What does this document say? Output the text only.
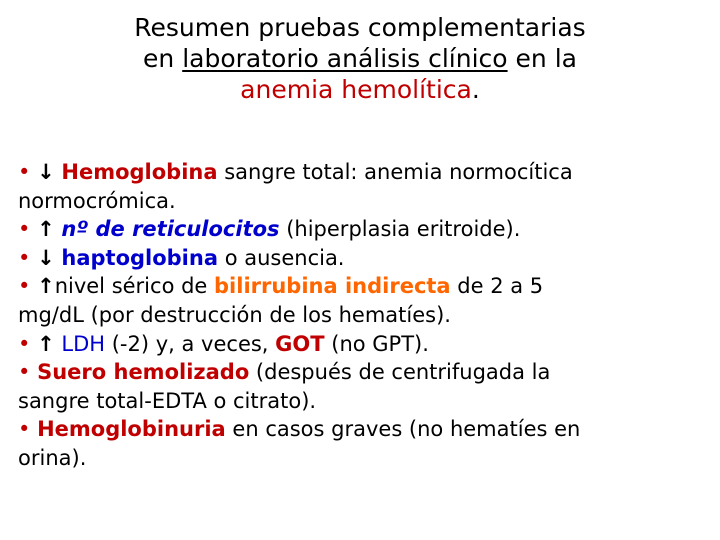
Resumen pruebas complementarias
en laboratorio análisis clínico en la
anemia hemolítica.
• ↓ Hemoglobina sangre total: anemia normocítica
normocrómica.
• ↑ nº de reticulocitos (hiperplasia eritroide).
• ↓ haptoglobina o ausencia.
• ↑nivel sérico de bilirrubina indirecta de 2 a 5
mg/dL (por destrucción de los hematíes).
• ↑ LDH (-2) y, a veces, GOT (no GPT).
• Suero hemolizado (después de centrifugada la
sangre total-EDTA o citrato).
• Hemoglobinuria en casos graves (no hematíes en
orina).
